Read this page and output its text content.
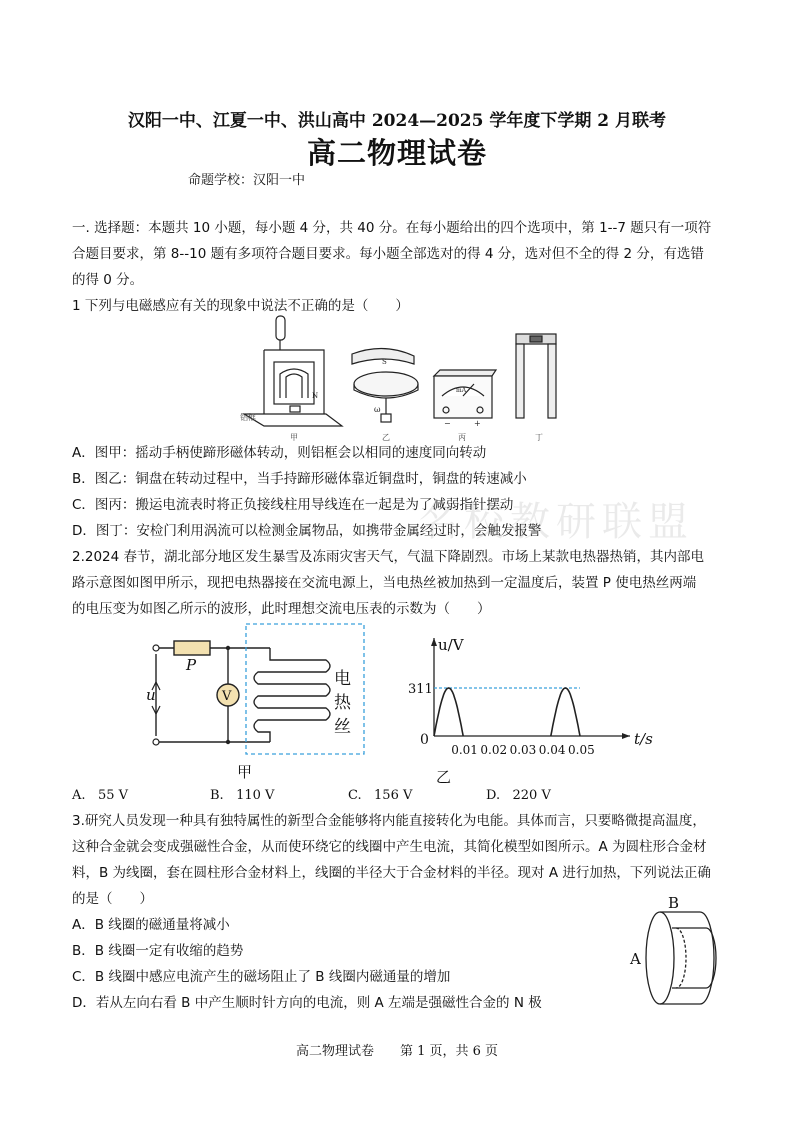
汉阳一中、江夏一中、洪山高中 2024—2025 学年度下学期 2 月联考
高二物理试卷
命题学校：汉阳一中
一. 选择题：本题共 10 小题，每小题 4 分，共 40 分。在每小题给出的四个选项中，第 1--7 题只有一项符
合题目要求，第 8--10 题有多项符合题目要求。每小题全部选对的得 4 分，选对但不全的得 2 分，有选错
的得 0 分。
1 下列与电磁感应有关的现象中说法不正确的是（　　）
铝框
N
甲
S
ω
乙
mA
+
−
丙	丁
A．图甲：摇动手柄使蹄形磁体转动，则铝框会以相同的速度同向转动
B．图乙：铜盘在转动过程中，当手持蹄形磁体靠近铜盘时，铜盘的转速减小
C．图丙：搬运电流表时将正负接线柱用导线连在一起是为了减弱指针摆动
D．图丁：安检门利用涡流可以检测金属物品，如携带金属经过时，会触发报警
名校教研联盟
2.2024 春节，湖北部分地区发生暴雪及冻雨灾害天气，气温下降剧烈。市场上某款电热器热销，其内部电
路示意图如图甲所示，现把电热器接在交流电源上，当电热丝被加热到一定温度后，装置 P 使电热丝两端
的电压变为如图乙所示的波形，此时理想交流电压表的示数为（　　）
P
u	V
电
热
丝
甲
u/V
t/s
0
311
0.01 0.02 0.03 0.04 0.05
乙
A. 55 V	B. 110 V	C. 156 V	D. 220 V
3.研究人员发现一种具有独特属性的新型合金能够将内能直接转化为电能。具体而言，只要略微提高温度，
这种合金就会变成强磁性合金，从而使环绕它的线圈中产生电流，其简化模型如图所示。A 为圆柱形合金材
料，B 为线圈，套在圆柱形合金材料上，线圈的半径大于合金材料的半径。现对 A 进行加热，下列说法正确
的是（　　）
A．B 线圈的磁通量将减小
B．B 线圈一定有收缩的趋势
C．B 线圈中感应电流产生的磁场阻止了 B 线圈内磁通量的增加
D．若从左向右看 B 中产生顺时针方向的电流，则 A 左端是强磁性合金的 N 极
B
A
高二物理试卷　　第 1 页，共 6 页
